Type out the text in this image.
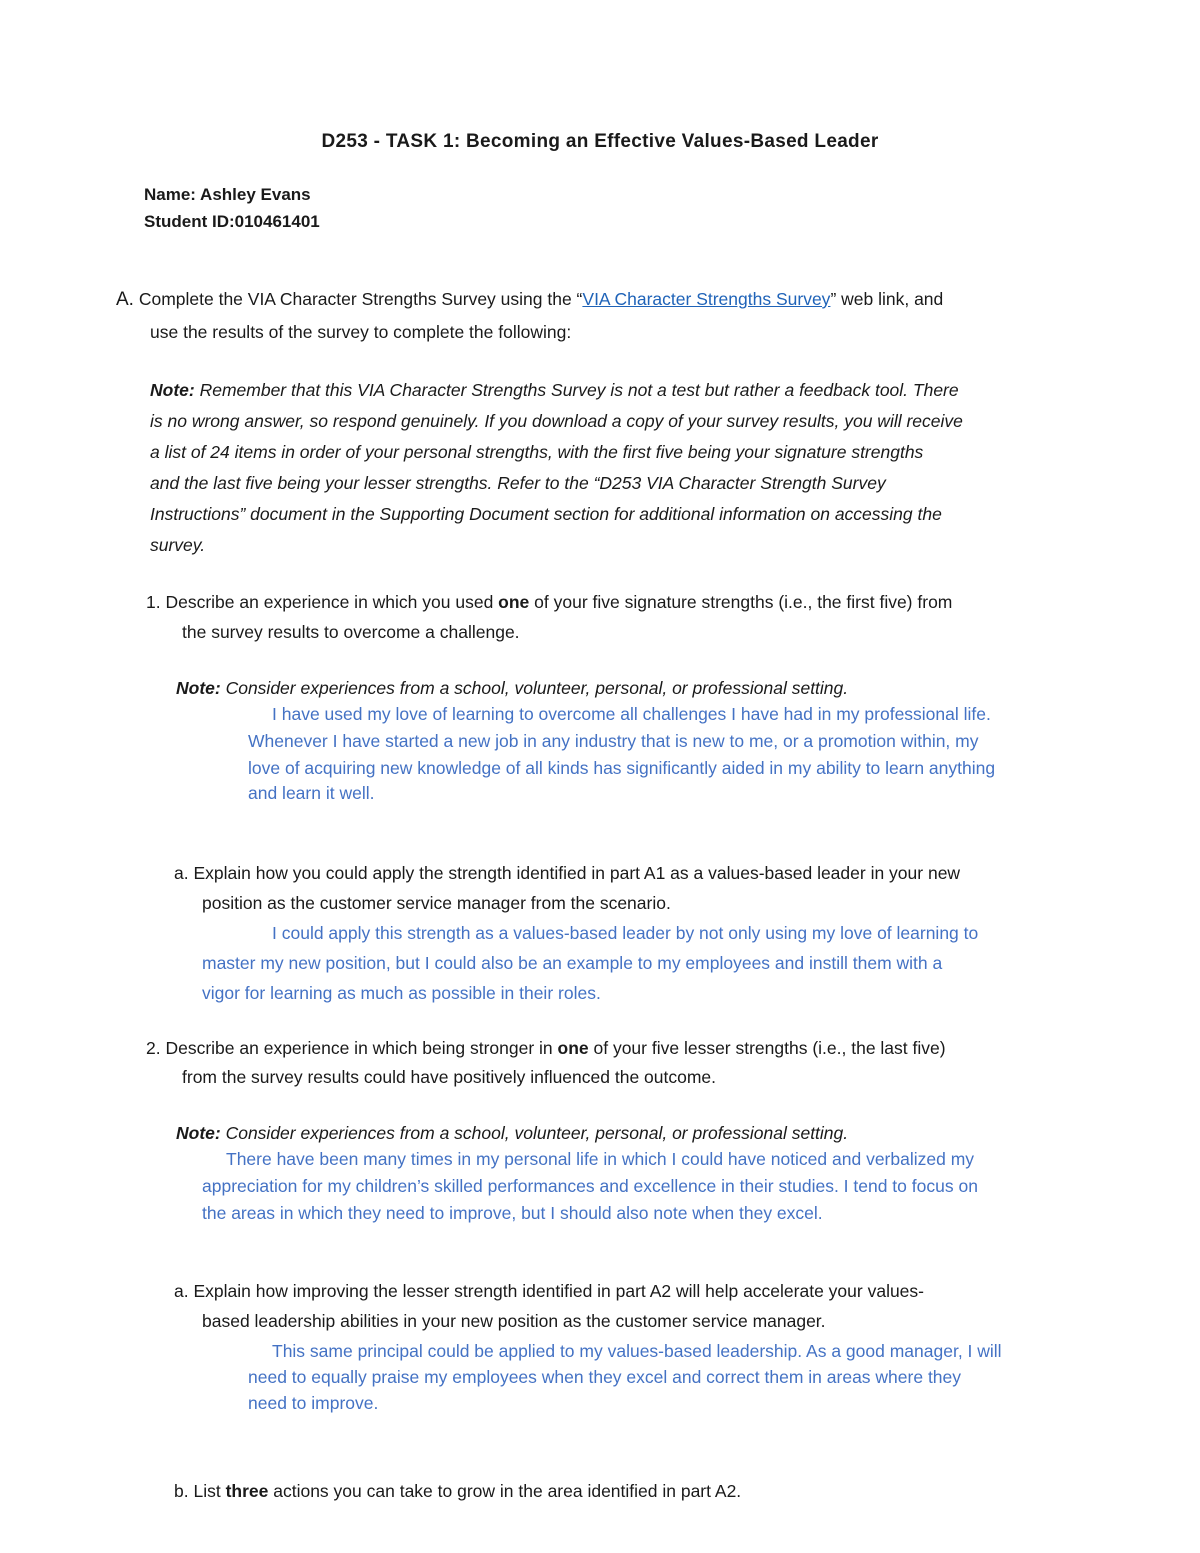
D253 - TASK 1: Becoming an Effective Values-Based Leader
Name: Ashley Evans
Student ID:010461401
A. Complete the VIA Character Strengths Survey using the “VIA Character Strengths Survey” web link, and
use the results of the survey to complete the following:
Note: Remember that this VIA Character Strengths Survey is not a test but rather a feedback tool. There
is no wrong answer, so respond genuinely. If you download a copy of your survey results, you will receive
a list of 24 items in order of your personal strengths, with the first five being your signature strengths
and the last five being your lesser strengths. Refer to the “D253 VIA Character Strength Survey
Instructions” document in the Supporting Document section for additional information on accessing the
survey.
1. Describe an experience in which you used one of your five signature strengths (i.e., the first five) from
the survey results to overcome a challenge.
Note: Consider experiences from a school, volunteer, personal, or professional setting.
I have used my love of learning to overcome all challenges I have had in my professional life.
Whenever I have started a new job in any industry that is new to me, or a promotion within, my
love of acquiring new knowledge of all kinds has significantly aided in my ability to learn anything
and learn it well.
a. Explain how you could apply the strength identified in part A1 as a values-based leader in your new
position as the customer service manager from the scenario.
I could apply this strength as a values-based leader by not only using my love of learning to
master my new position, but I could also be an example to my employees and instill them with a
vigor for learning as much as possible in their roles.
2. Describe an experience in which being stronger in one of your five lesser strengths (i.e., the last five)
from the survey results could have positively influenced the outcome.
Note: Consider experiences from a school, volunteer, personal, or professional setting.
There have been many times in my personal life in which I could have noticed and verbalized my
appreciation for my children’s skilled performances and excellence in their studies. I tend to focus on
the areas in which they need to improve, but I should also note when they excel.
a. Explain how improving the lesser strength identified in part A2 will help accelerate your values-
based leadership abilities in your new position as the customer service manager.
This same principal could be applied to my values-based leadership. As a good manager, I will
need to equally praise my employees when they excel and correct them in areas where they
need to improve.
b. List three actions you can take to grow in the area identified in part A2.
